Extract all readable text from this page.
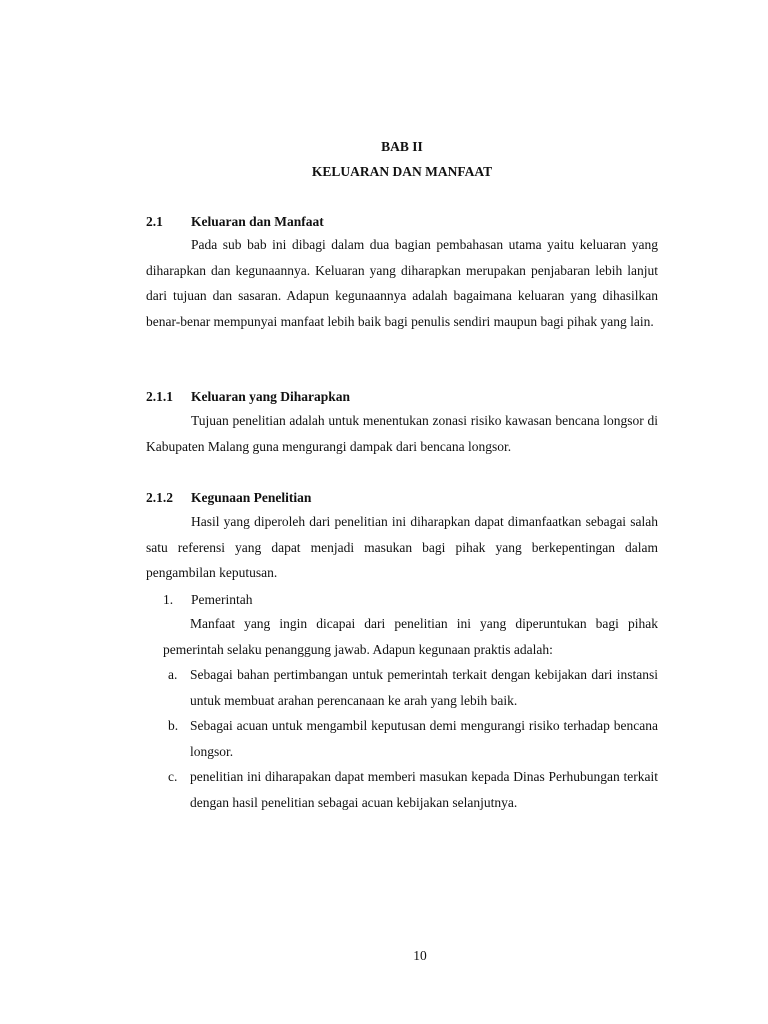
BAB II
KELUARAN DAN MANFAAT
2.1 Keluaran dan Manfaat

Pada sub bab ini dibagi dalam dua bagian pembahasan utama yaitu keluaran yang diharapkan dan kegunaannya. Keluaran yang diharapkan merupakan penjabaran lebih lanjut dari tujuan dan sasaran. Adapun kegunaannya adalah bagaimana keluaran yang dihasilkan benar-benar mempunyai manfaat lebih baik bagi penulis sendiri maupun bagi pihak yang lain.

2.1.1 Keluaran yang Diharapkan

Tujuan penelitian adalah untuk menentukan zonasi risiko kawasan bencana longsor di Kabupaten Malang guna mengurangi dampak dari bencana longsor.

2.1.2 Kegunaan Penelitian

Hasil yang diperoleh dari penelitian ini diharapkan dapat dimanfaatkan sebagai salah satu referensi yang dapat menjadi masukan bagi pihak yang berkepentingan dalam pengambilan keputusan.

1. Pemerintah

Manfaat yang ingin dicapai dari penelitian ini yang diperuntukan bagi pihak pemerintah selaku penanggung jawab. Adapun kegunaan praktis adalah:

a. Sebagai bahan pertimbangan untuk pemerintah terkait dengan kebijakan dari instansi untuk membuat arahan perencanaan ke arah yang lebih baik.
b. Sebagai acuan untuk mengambil keputusan demi mengurangi risiko terhadap bencana longsor.
c. penelitian ini diharapakan dapat memberi masukan kepada Dinas Perhubungan terkait dengan hasil penelitian sebagai acuan kebijakan selanjutnya.
10
